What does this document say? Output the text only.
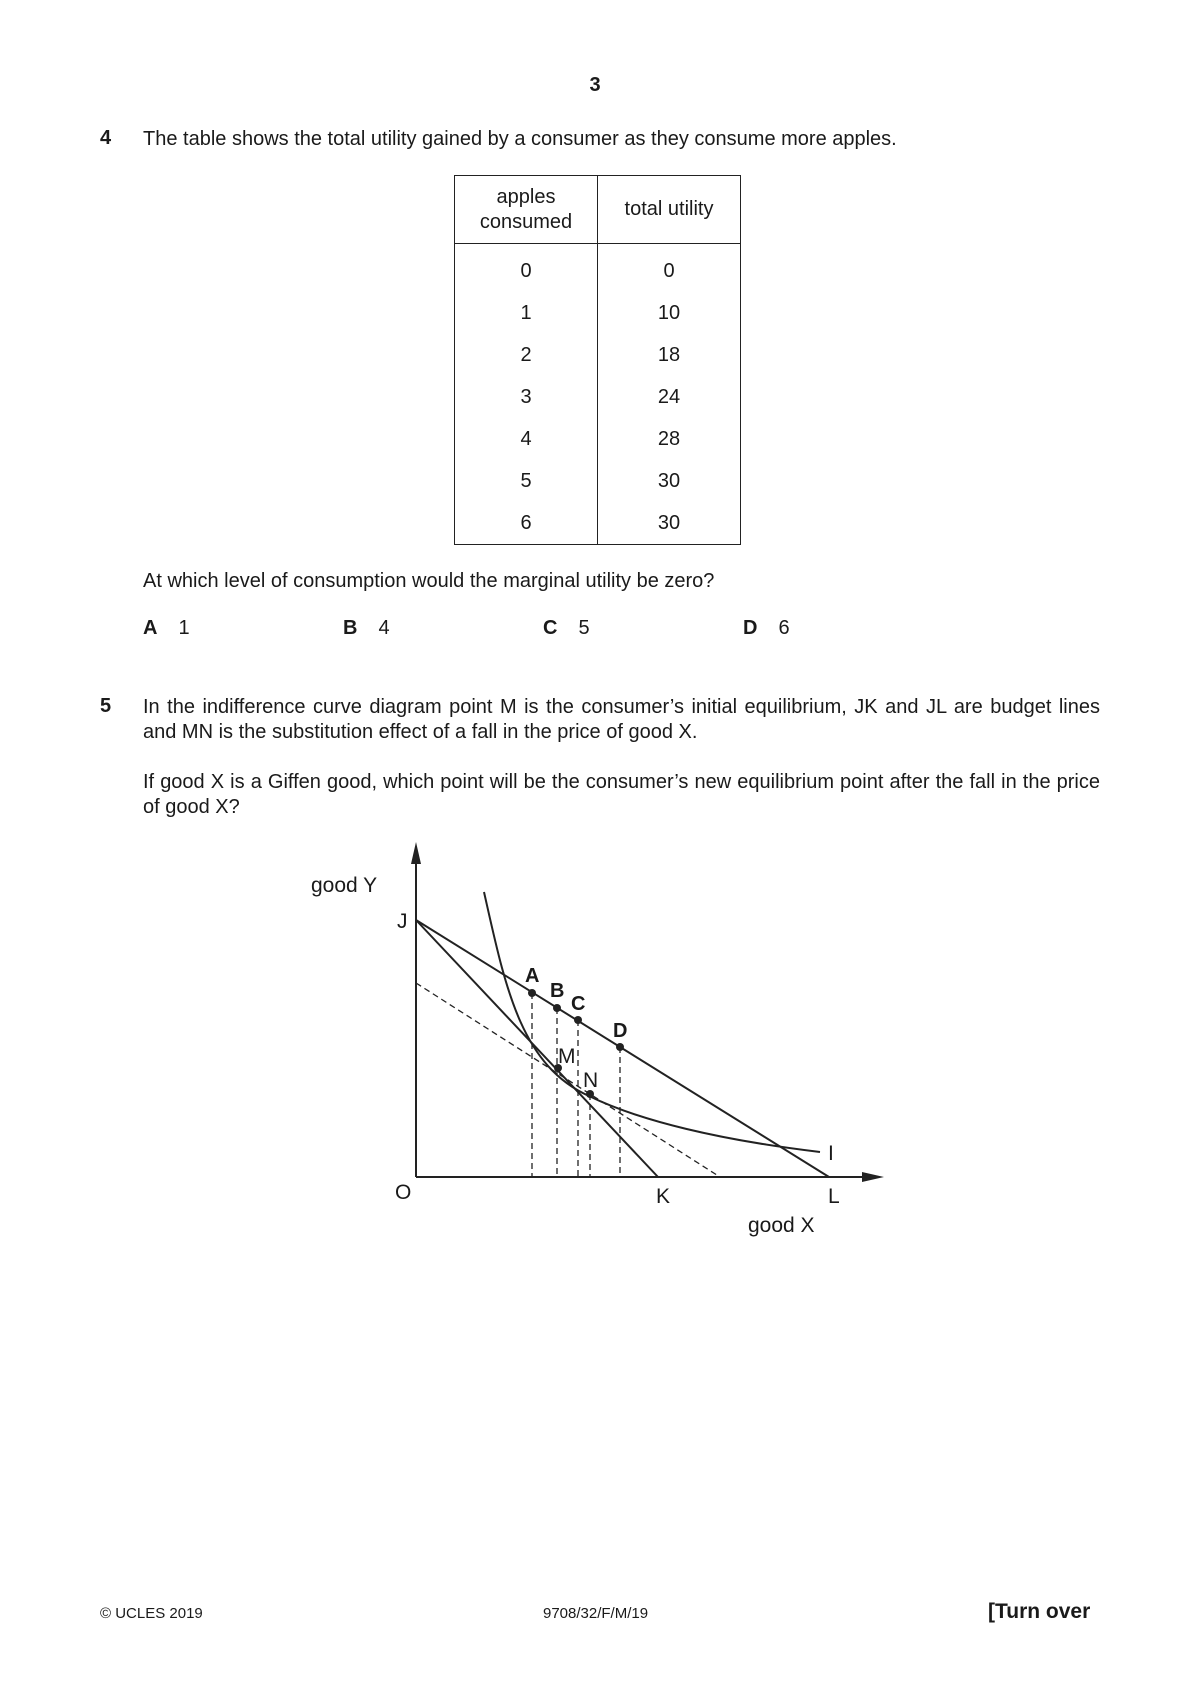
3
4 The table shows the total utility gained by a consumer as they consume more apples.
apples consumed	total utility
0	0
1	10
2	18
3	24
4	28
5	30
6	30
At which level of consumption would the marginal utility be zero?
A 1	B 4	C 5	D 6
5 In the indifference curve diagram point M is the consumer’s initial equilibrium, JK and JL are budget lines and MN is the substitution effect of a fall in the price of good X.
If good X is a Giffen good, which point will be the consumer’s new equilibrium point after the fall in the price of good X?
good Y
good X
O
J
K	L
I
M
N
A
B
C
D
© UCLES 2019	9708/32/F/M/19	[Turn over
